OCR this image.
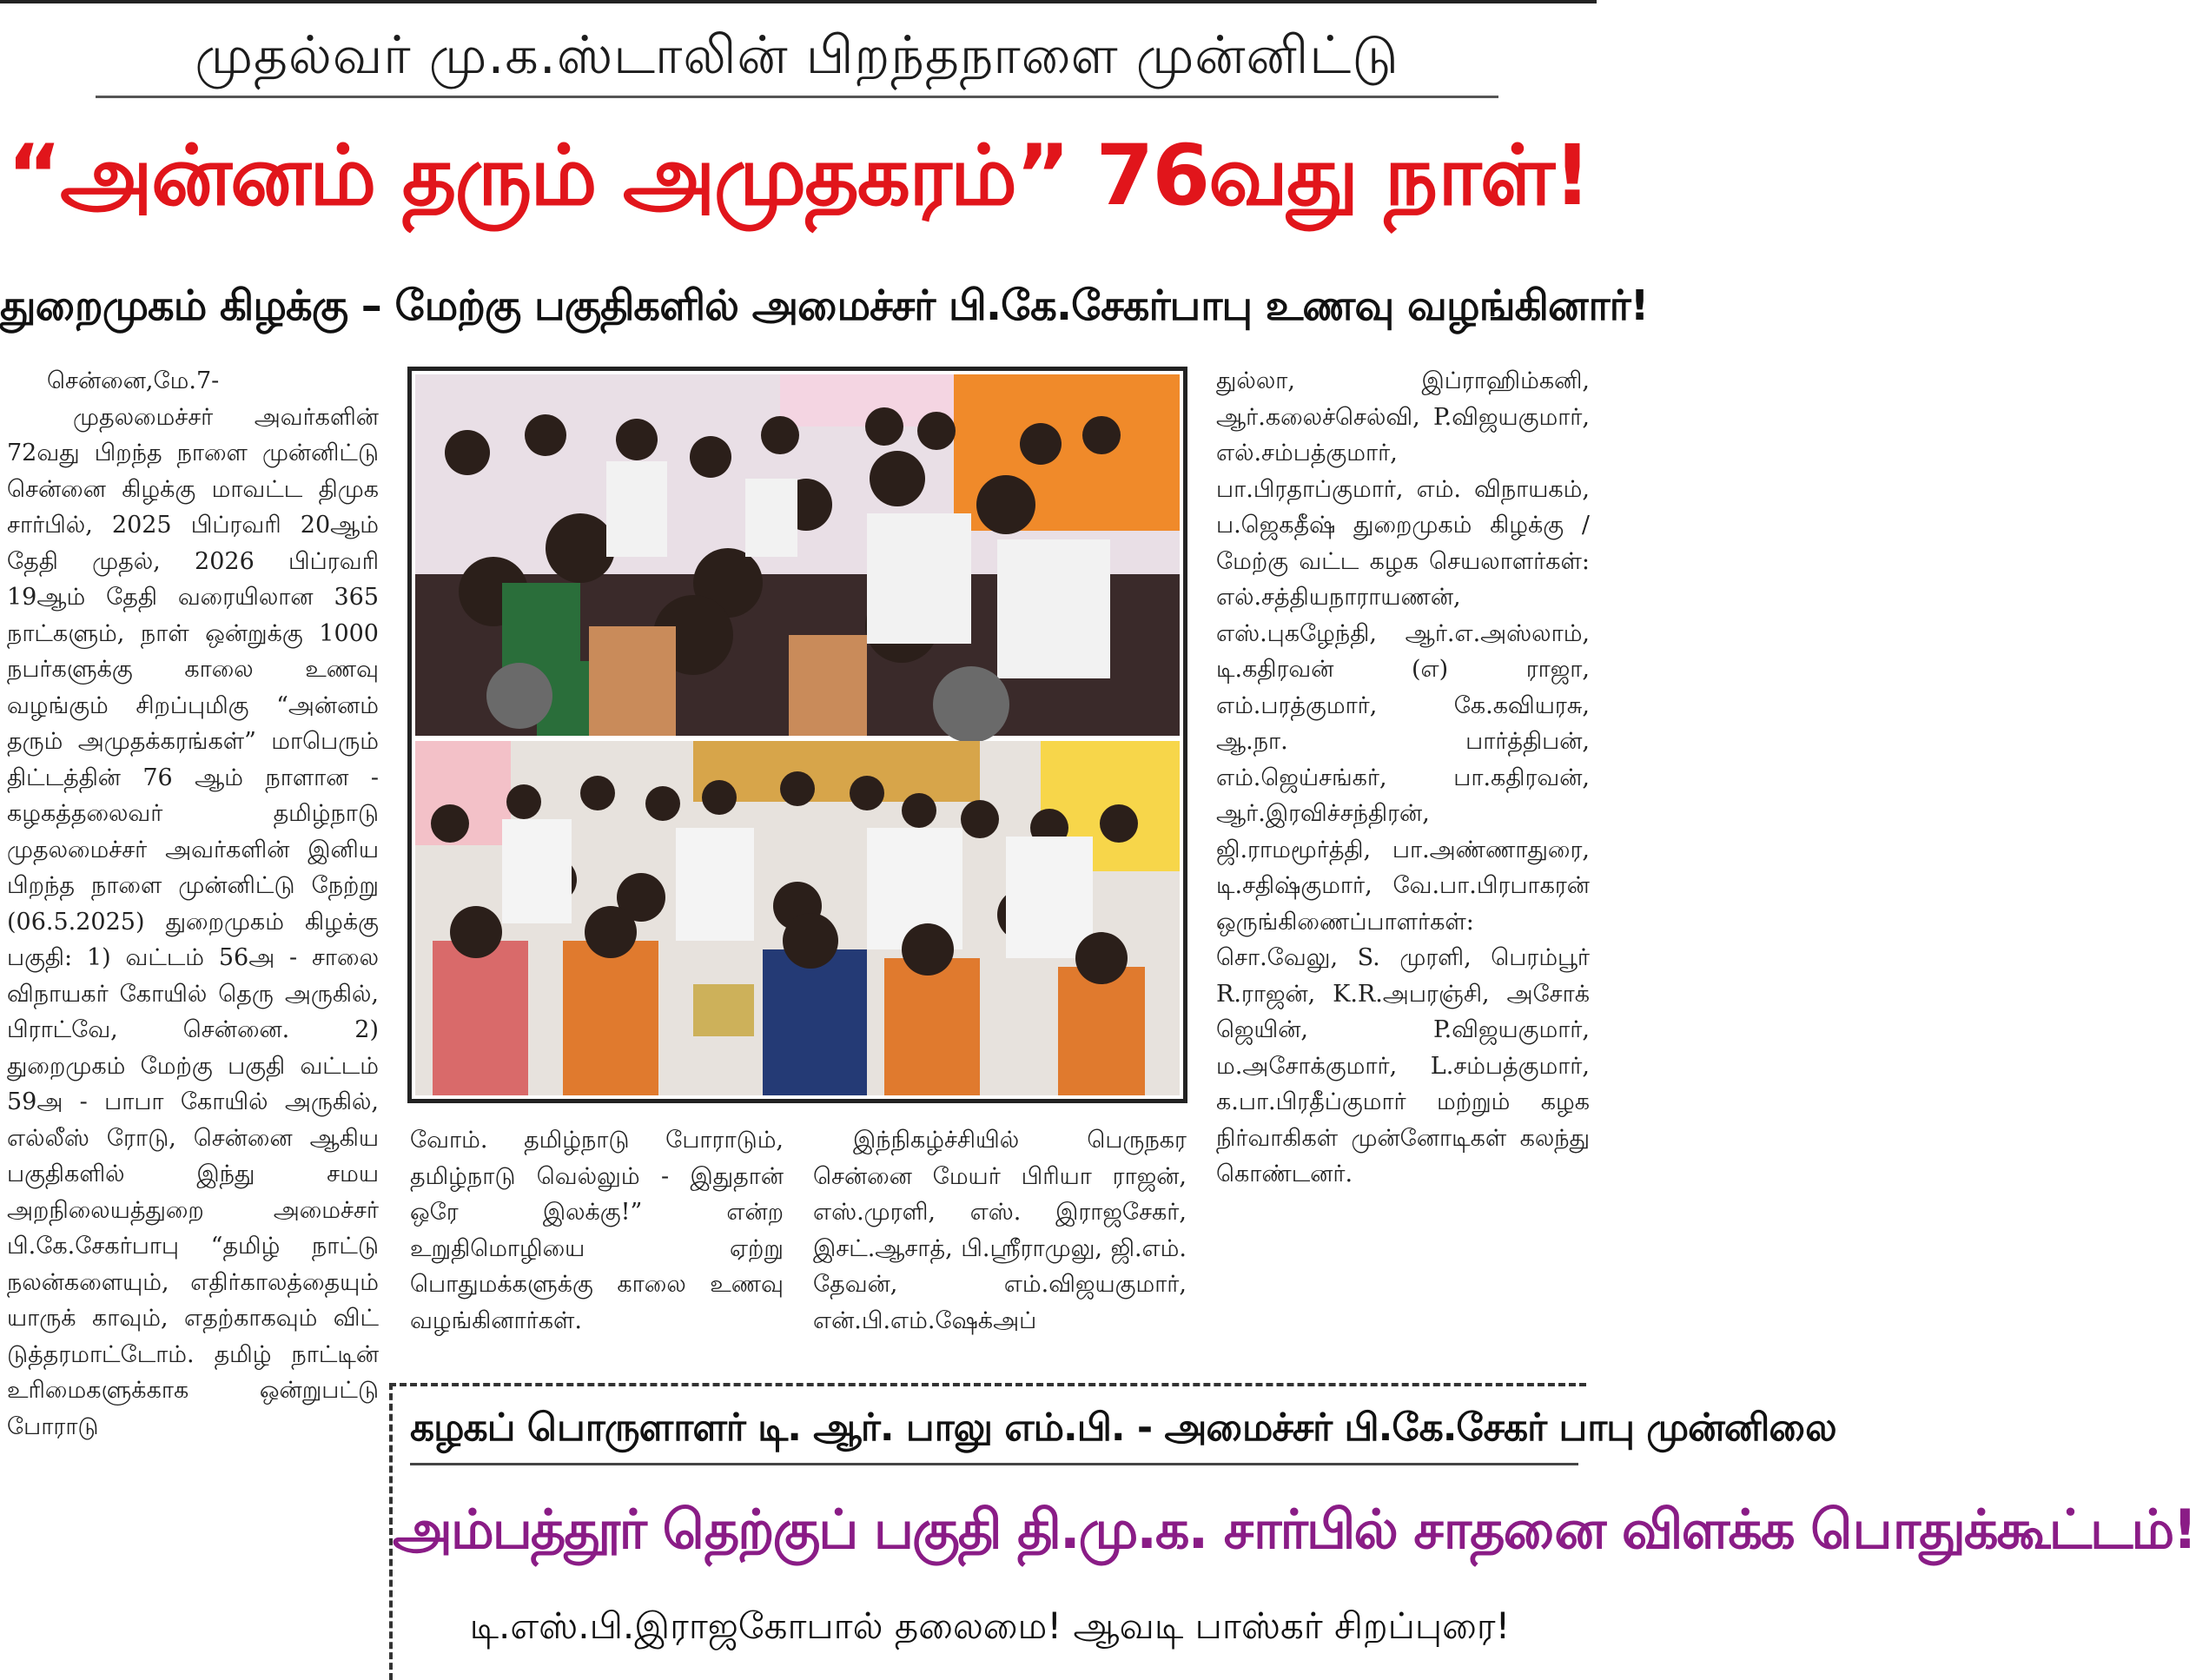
முதல்வர் மு.க.ஸ்டாலின் பிறந்தநாளை முன்னிட்டு
“அன்னம் தரும் அமுதகரம்” 76வது நாள்!
துறைமுகம் கிழக்கு – மேற்கு பகுதிகளில் அமைச்சர் பி.கே.சேகர்பாபு உணவு வழங்கினார்!

சென்னை,மே.7-

முதலமைச்சர் அவர்களின் 72வது பிறந்த நாளை முன்னிட்டு சென்னை கிழக்கு மாவட்ட திமுக சார்பில், 2025 பிப்ரவரி 20ஆம் தேதி முதல், 2026 பிப்ரவரி 19ஆம் தேதி வரையிலான 365 நாட்களும், நாள் ஒன்றுக்கு 1000 நபர்களுக்கு காலை உணவு வழங்கும் சிறப்புமிகு “அன்னம் தரும் அமுதக்கரங்கள்” மாபெரும் திட்டத்தின் 76 ஆம் நாளான - கழகத்தலைவர் தமிழ்நாடு முதலமைச்சர் அவர்களின் இனிய பிறந்த நாளை முன்னிட்டு நேற்று (06.5.2025) துறைமுகம் கிழக்கு பகுதி: 1) வட்டம் 56அ - சாலை விநாயகர் கோயில் தெரு அருகில், பிராட்வே, சென்னை. 2) துறைமுகம் மேற்கு பகுதி வட்டம் 59அ - பாபா கோயில் அருகில், எல்லீஸ் ரோடு, சென்னை ஆகிய பகுதிகளில் இந்து சமய அறநிலையத்துறை அமைச்சர் பி.கே.சேகர்பாபு “தமிழ் நாட்டு நலன்களையும், எதிர்காலத்தையும் யாருக் காவும், எதற்காகவும் விட் டுத்தரமாட்டோம். தமிழ் நாட்டின் உரிமைகளுக்காக ஒன்றுபட்டு போராடு

வோம். தமிழ்நாடு போராடும், தமிழ்நாடு வெல்லும் - இதுதான் ஒரே இலக்கு!” என்ற உறுதிமொழியை ஏற்று பொதுமக்களுக்கு காலை உணவு வழங்கினார்கள்.

இந்நிகழ்ச்சியில் பெருநகர சென்னை மேயர் பிரியா ராஜன், எஸ்.முரளி, எஸ். இராஜசேகர், இசட்.ஆசாத், பி.ஸ்ரீராமுலு, ஜி.எம். தேவன், எம்.விஜயகுமார், என்.பி.எம்.ஷேக்அப்

துல்லா, இப்ராஹிம்கனி, ஆர்.கலைச்செல்வி, P.விஜயகுமார், எல்.சம்பத்குமார், பா.பிரதாப்குமார், எம். விநாயகம், ப.ஜெகதீஷ் துறைமுகம் கிழக்கு / மேற்கு வட்ட கழக செயலாளர்கள்: எல்.சத்தியநாராயணன், எஸ்.புகழேந்தி, ஆர்.எ.அஸ்லாம், டி.கதிரவன் (எ) ராஜா, எம்.பரத்குமார், கே.கவியரசு, ஆ.நா. பார்த்திபன், எம்.ஜெய்சங்கர், பா.கதிரவன், ஆர்.இரவிச்சந்திரன், ஜி.ராமமூர்த்தி, பா.அண்ணாதுரை, டி.சதிஷ்குமார், வே.பா.பிரபாகரன் ஒருங்கிணைப்பாளர்கள்: சொ.வேலு, S. முரளி, பெரம்பூர் R.ராஜன், K.R.அபரஞ்சி, அசோக் ஜெயின், P.விஜயகுமார், ம.அசோக்குமார், L.சம்பத்குமார், க.பா.பிரதீப்குமார் மற்றும் கழக நிர்வாகிகள் முன்னோடிகள் கலந்து கொண்டனர்.

கழகப் பொருளாளர் டி. ஆர். பாலு எம்.பி. - அமைச்சர் பி.கே.சேகர் பாபு முன்னிலை
அம்பத்தூர் தெற்குப் பகுதி தி.மு.க. சார்பில் சாதனை விளக்க பொதுக்கூட்டம்!
டி.எஸ்.பி.இராஜகோபால் தலைமை! ஆவடி பாஸ்கர் சிறப்புரை!
